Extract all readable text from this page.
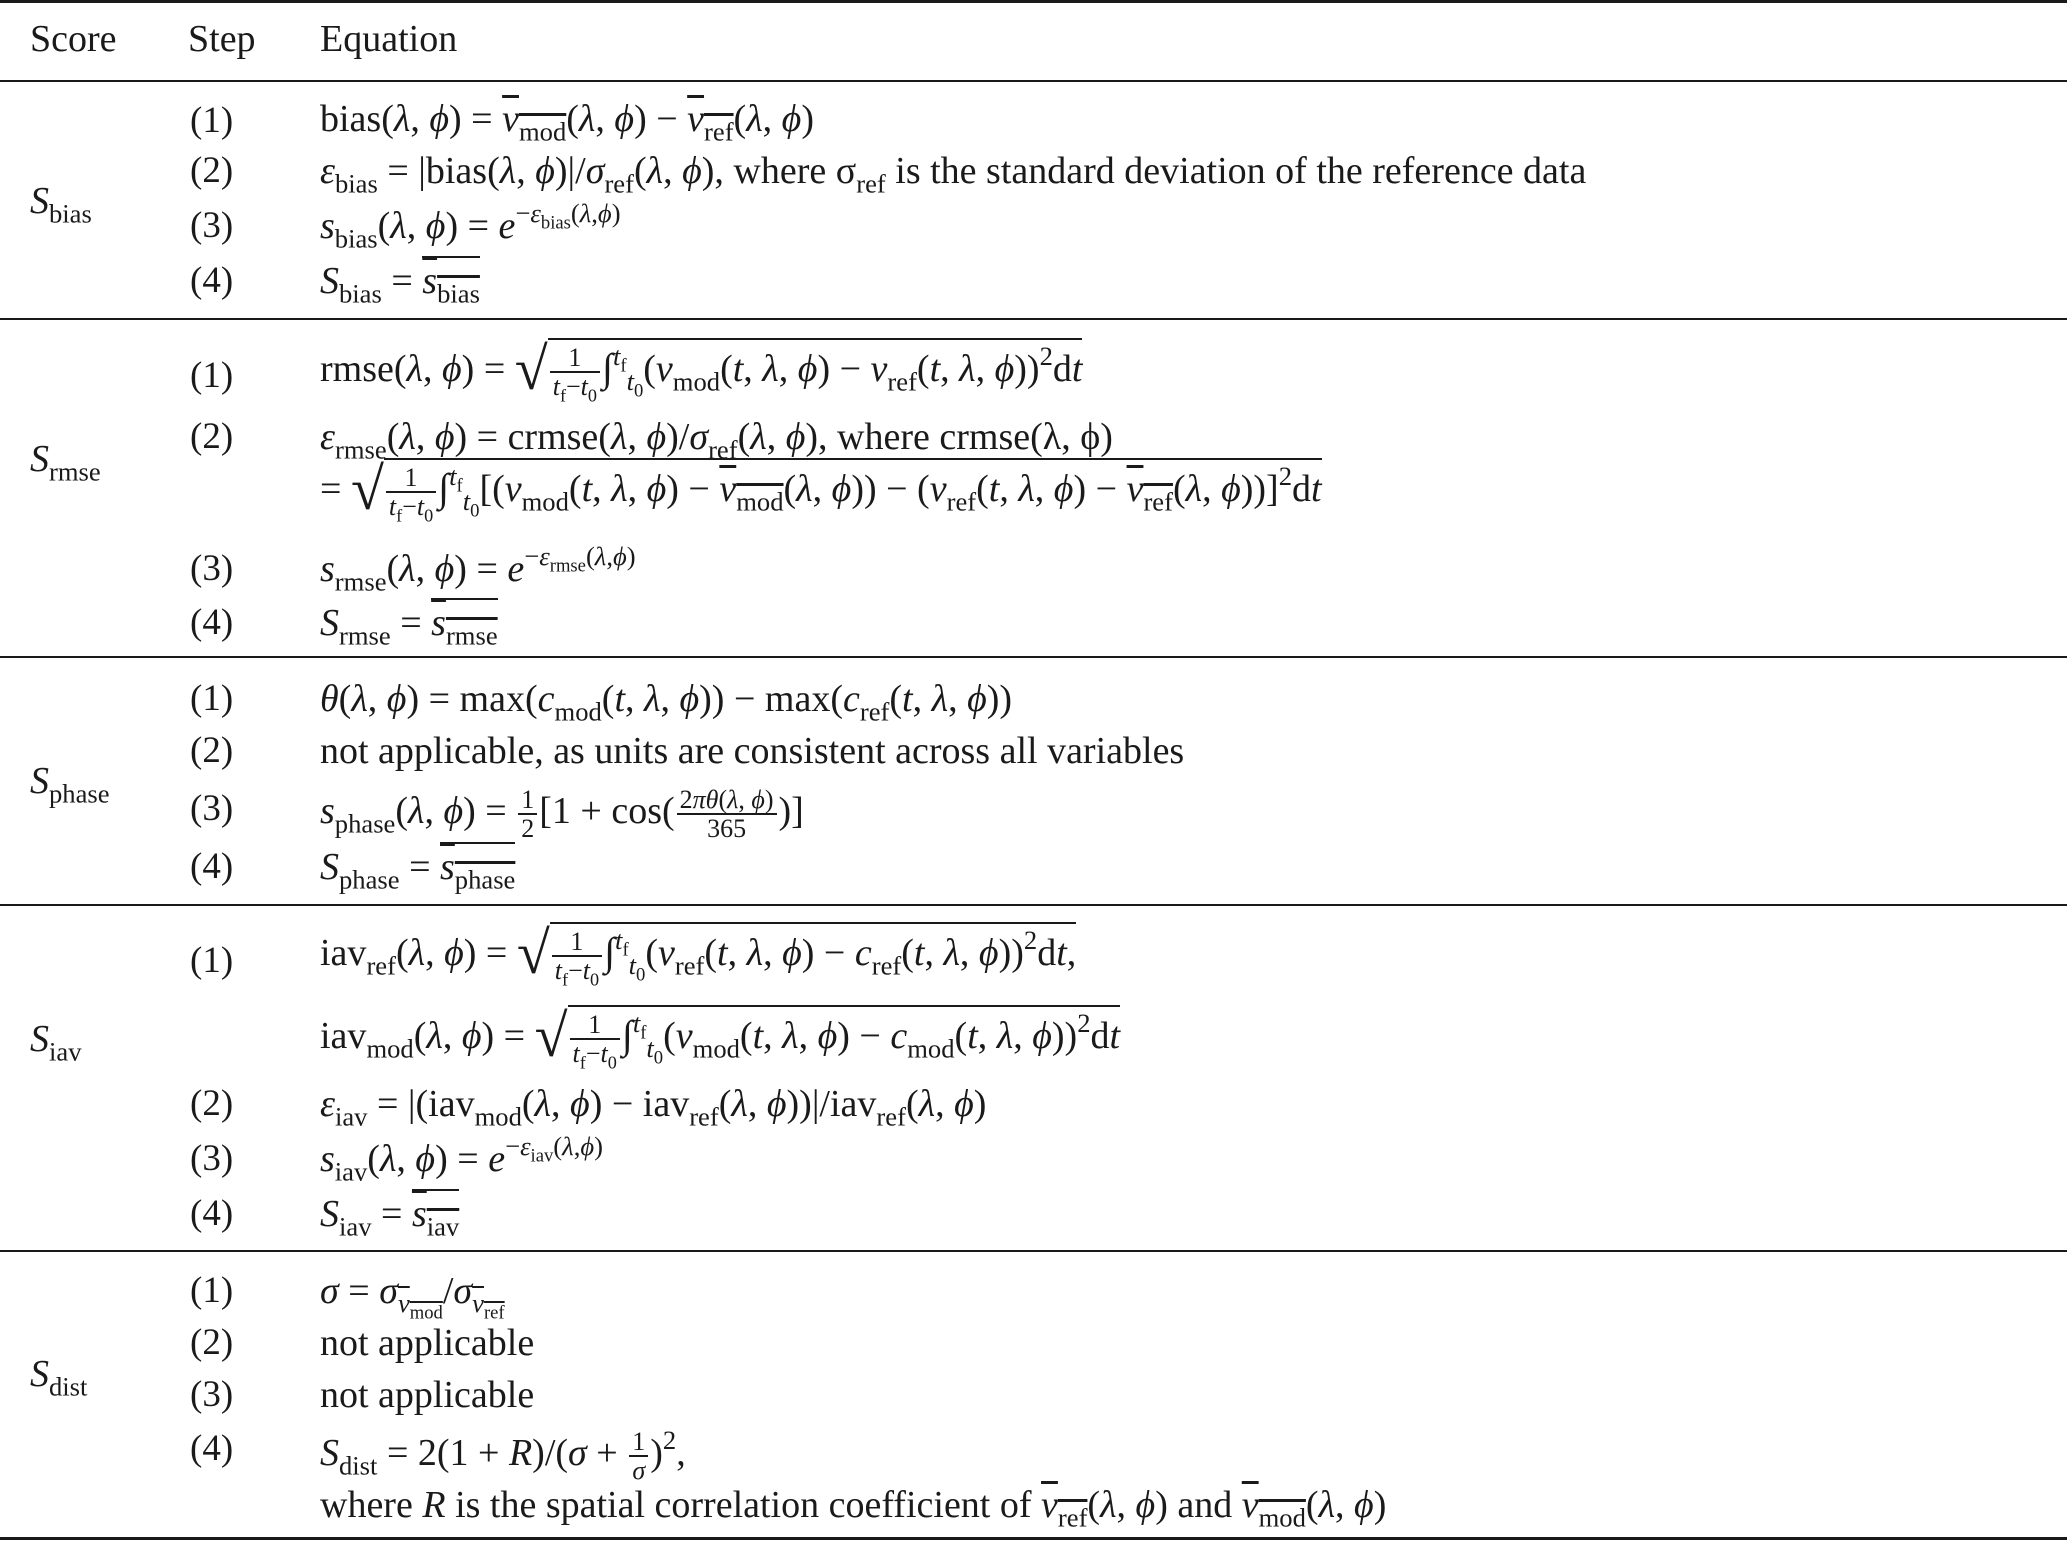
Score Step Equation
$S_{bias}$
(1)
(2)
(3)
(4)
bias(λ, $\phi) = v_{mod}(\lambda$, $\phi) - v_{ref}(\lambda$, ϕ)
$\varepsilon_{bias}$ = |bias(λ, $\phi)|/\sigma_{ref}(\lambda$, ϕ), where $\sigma_{ref}$ is the standard deviation of the reference data
$s_{bias}(\lambda$, $\phi) = e^{-\varepsilon_{bias}(\lambda,\phi)}$
$S_{bias} = s_{bias}$
$S_{rmse}$
(1)
(2)
(3)
(4)
rmse(λ, ϕ) = √ $\frac{1}{t_f-t_0} \int^{t_f}_{t_0}(v_{mod}(t$, λ, $\phi) - v_{ref}(t$, λ, ϕ))$^2$dt
$\varepsilon_{rmse}(\lambda$, ϕ) = crmse(λ, $\phi)/\sigma_{ref}(\lambda$, ϕ), where crmse(λ, ϕ)
= √ $\frac{1}{t_f-t_0} \int^{t_f}_{t_0}[(v_{mod}(t$, λ, $\phi) - v_{mod}(\lambda$, $\phi)) - (v_{ref}(t$, λ, $\phi) - v_{ref}(\lambda$, ϕ))]$^2$dt
$s_{rmse}(\lambda$, $\phi) = e^{-\varepsilon_{rmse}(\lambda,\phi)}$
$S_{rmse} = s_{rmse}$
$S_{phase}$
(1)
(2)
(3)
(4)
θ(λ, $\phi) = \max(c_{mod}(t$, λ, $\phi)) - \max(c_{ref}(t$, λ, ϕ))
not applicable, as units are consistent across all variables
$s_{phase}(\lambda$, $\phi) = \frac{1}{2} [1 + \cos( \frac{2\pi\theta(\lambda, \phi)}{365}$ )]
$S_{phase} = s_{phase}$
$S_{iav}$
(1)
(2)
(3)
(4)
iav$_{ref}$(λ, ϕ) = √ $\frac{1}{t_f-t_0} \int^{t_f}_{t_0}(v_{ref}(t$, λ, $\phi) - c_{ref}(t$, λ, ϕ))$^2$dt,
iav$_{mod}$(λ, ϕ) = √ $\frac{1}{t_f-t_0} \int^{t_f}_{t_0}(v_{mod}(t$, λ, $\phi) - c_{mod}(t$, λ, ϕ))$^2$dt
$\varepsilon_{iav} = |(iav_{mod}(\lambda$, ϕ) − iav$_{ref}$(λ, ϕ))|/iav$_{ref}$(λ, ϕ)
$s_{iav}(\lambda$, $\phi) = e^{-\varepsilon_{iav}(\lambda,\phi)}$
$S_{iav} = s_{iav}$
$S_{dist}$
(1)
(2)
(3)
(4)
$\sigma = \sigma_{v_{mod}}/\sigma_{v_{ref}}$
not applicable
not applicable
$S_{dist} = 2(1 + R)/(\sigma + \frac{1}{\sigma} )^2$,
where R is the spatial correlation coefficient of $v_{ref}(\lambda$, ϕ) and $v_{mod}(\lambda$, ϕ)
